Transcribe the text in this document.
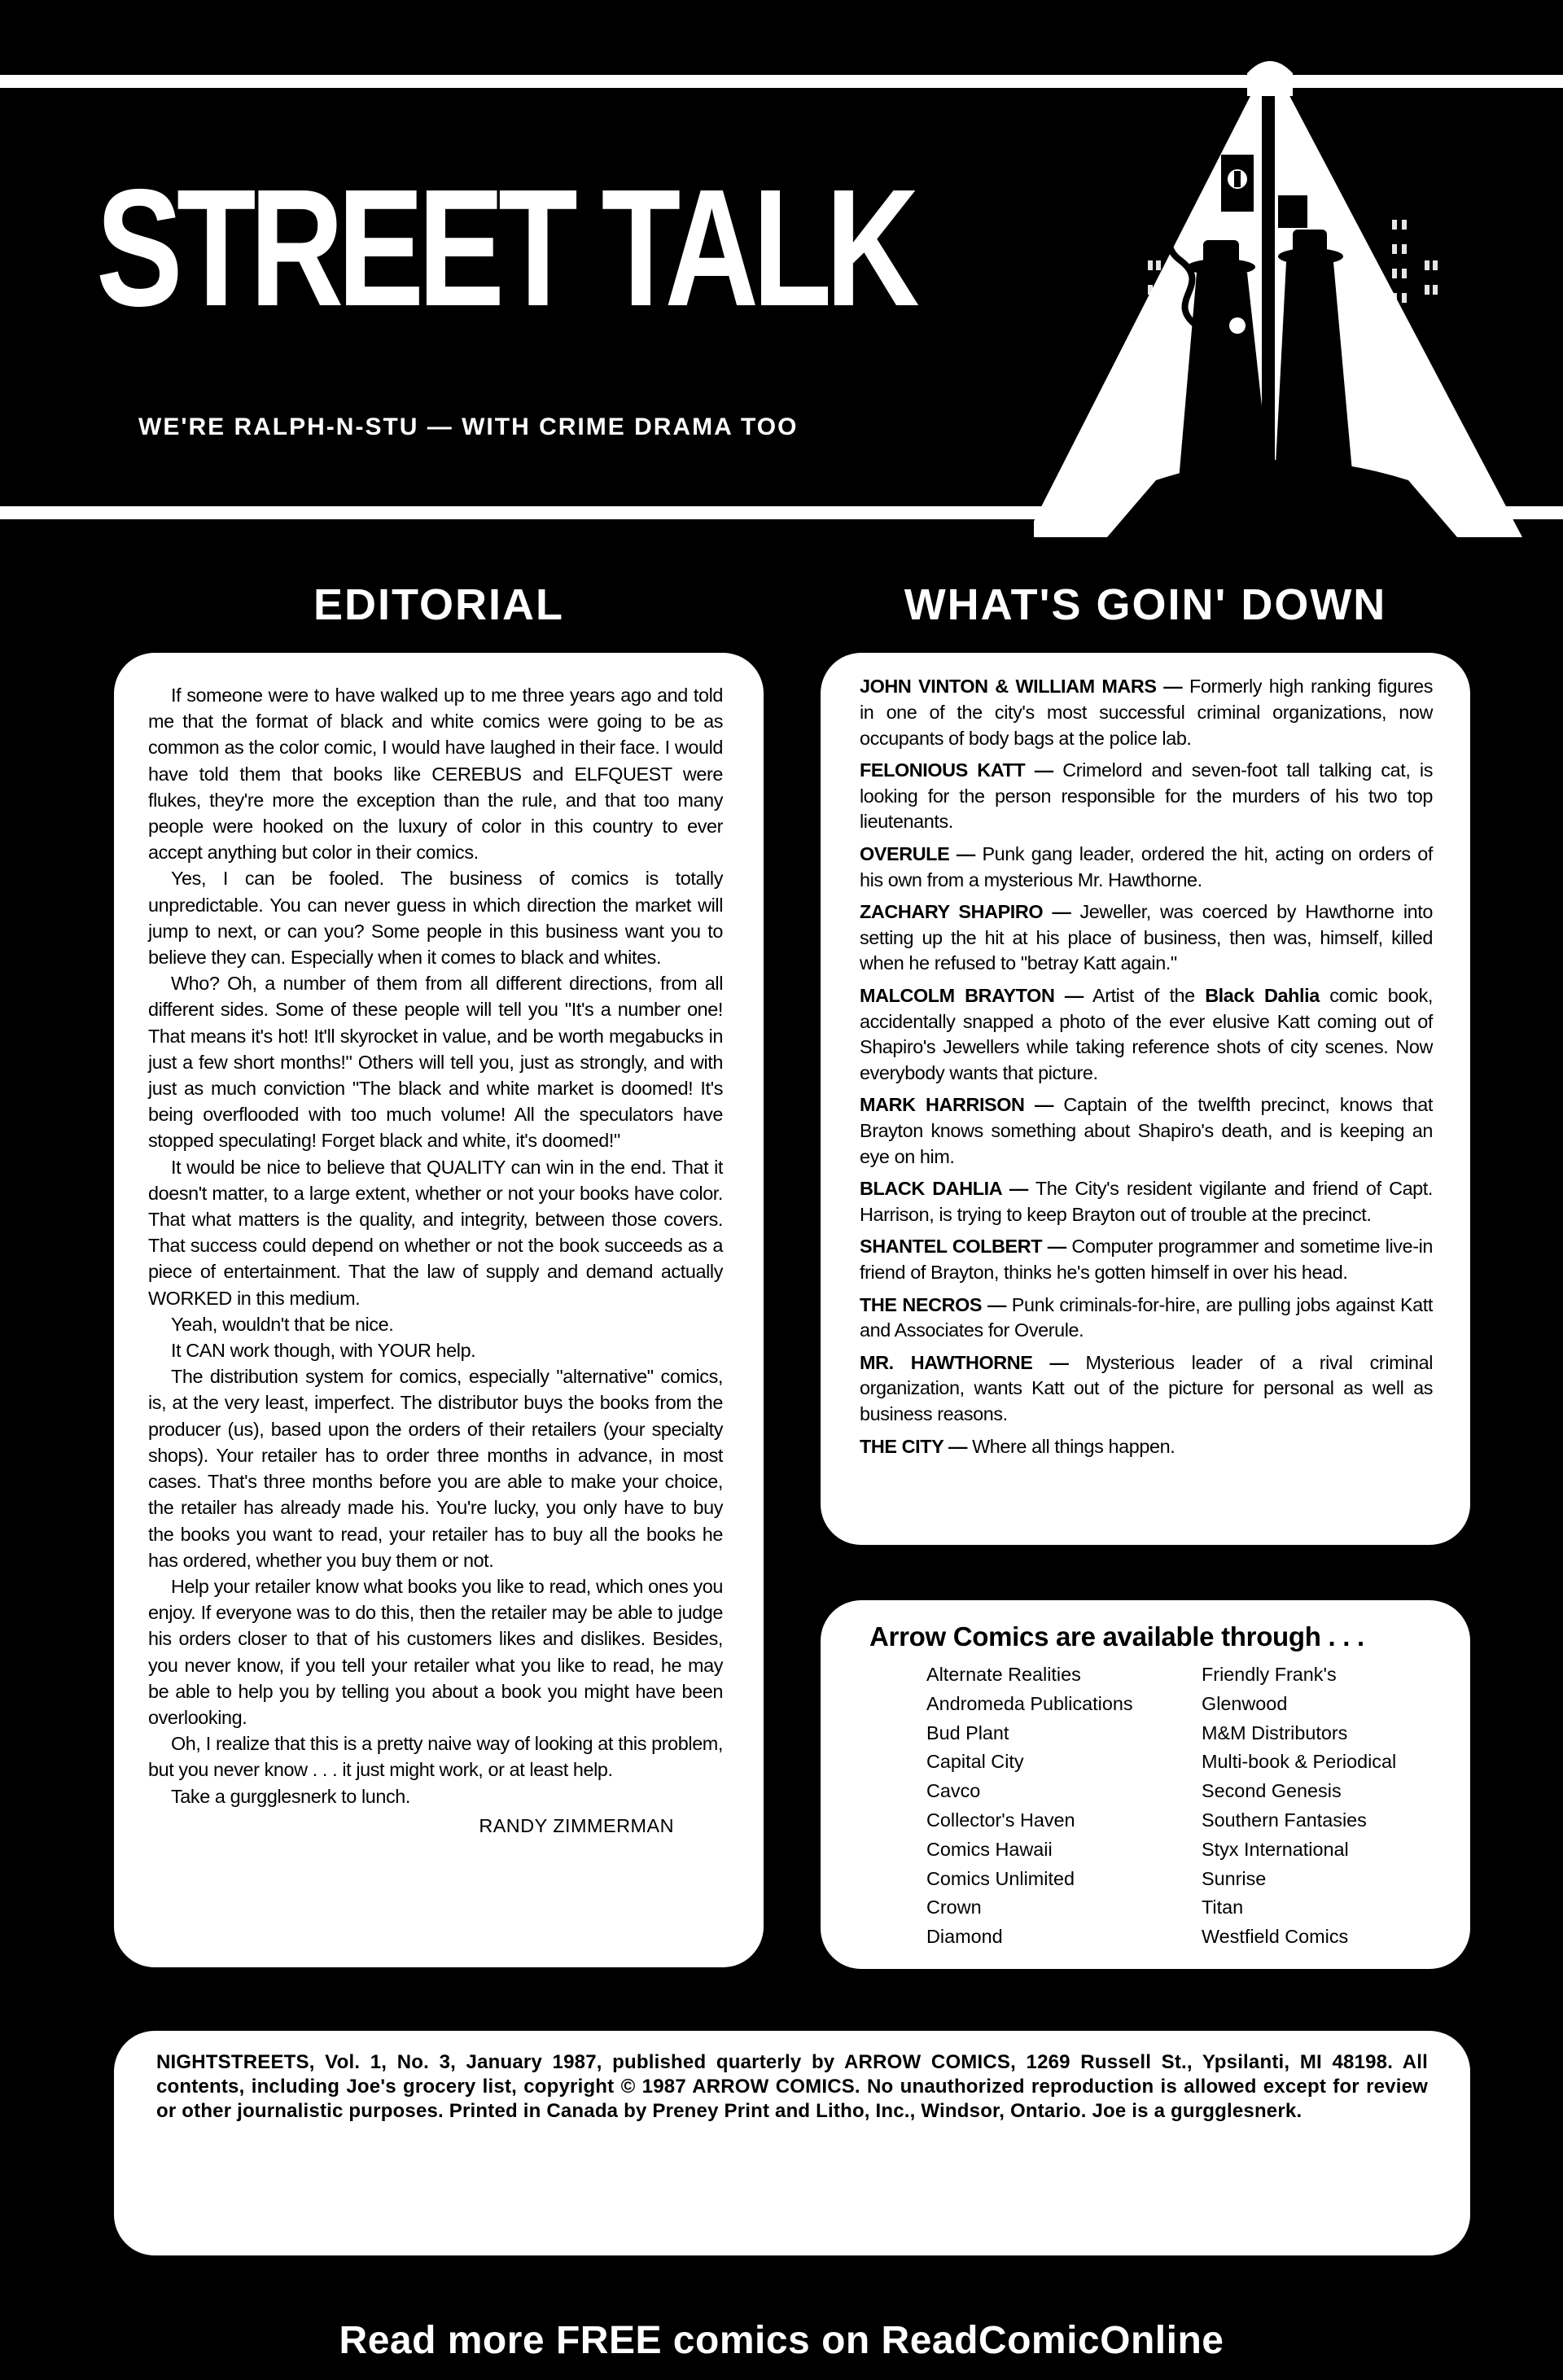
STREET TALK
WE'RE RALPH-N-STU — WITH CRIME DRAMA TOO
EDITORIAL	WHAT'S GOIN' DOWN

If someone were to have walked up to me three years ago and told me that the format of black and white comics were going to be as common as the color comic, I would have laughed in their face. I would have told them that books like CEREBUS and ELFQUEST were flukes, they're more the exception than the rule, and that too many people were hooked on the luxury of color in this country to ever accept anything but color in their comics.

Yes, I can be fooled. The business of comics is totally unpredictable. You can never guess in which direction the market will jump to next, or can you? Some people in this business want you to believe they can. Especially when it comes to black and whites.

Who? Oh, a number of them from all different directions, from all different sides. Some of these people will tell you "It's a number one! That means it's hot! It'll skyrocket in value, and be worth megabucks in just a few short months!" Others will tell you, just as strongly, and with just as much conviction "The black and white market is doomed! It's being overflooded with too much volume! All the speculators have stopped speculating! Forget black and white, it's doomed!"

It would be nice to believe that QUALITY can win in the end. That it doesn't matter, to a large extent, whether or not your books have color. That what matters is the quality, and integrity, between those covers. That success could depend on whether or not the book succeeds as a piece of entertainment. That the law of supply and demand actually WORKED in this medium.

Yeah, wouldn't that be nice.

It CAN work though, with YOUR help.

The distribution system for comics, especially "alternative" comics, is, at the very least, imperfect. The distributor buys the books from the producer (us), based upon the orders of their retailers (your specialty shops). Your retailer has to order three months in advance, in most cases. That's three months before you are able to make your choice, the retailer has already made his. You're lucky, you only have to buy the books you want to read, your retailer has to buy all the books he has ordered, whether you buy them or not.

Help your retailer know what books you like to read, which ones you enjoy. If everyone was to do this, then the retailer may be able to judge his orders closer to that of his customers likes and dislikes. Besides, you never know, if you tell your retailer what you like to read, he may be able to help you by telling you about a book you might have been overlooking.

Oh, I realize that this is a pretty naive way of looking at this problem, but you never know . . . it just might work, or at least help.

Take a gurgglesnerk to lunch.

RANDY ZIMMERMAN

JOHN VINTON & WILLIAM MARS — Formerly high ranking figures in one of the city's most successful criminal organizations, now occupants of body bags at the police lab.

FELONIOUS KATT — Crimelord and seven-foot tall talking cat, is looking for the person responsible for the murders of his two top lieutenants.

OVERULE — Punk gang leader, ordered the hit, acting on orders of his own from a mysterious Mr. Hawthorne.

ZACHARY SHAPIRO — Jeweller, was coerced by Hawthorne into setting up the hit at his place of business, then was, himself, killed when he refused to "betray Katt again."

MALCOLM BRAYTON — Artist of the Black Dahlia comic book, accidentally snapped a photo of the ever elusive Katt coming out of Shapiro's Jewellers while taking reference shots of city scenes. Now everybody wants that picture.

MARK HARRISON — Captain of the twelfth precinct, knows that Brayton knows something about Shapiro's death, and is keeping an eye on him.

BLACK DAHLIA — The City's resident vigilante and friend of Capt. Harrison, is trying to keep Brayton out of trouble at the precinct.

SHANTEL COLBERT — Computer programmer and sometime live-in friend of Brayton, thinks he's gotten himself in over his head.

THE NECROS — Punk criminals-for-hire, are pulling jobs against Katt and Associates for Overule.

MR. HAWTHORNE — Mysterious leader of a rival criminal organization, wants Katt out of the picture for personal as well as business reasons.

THE CITY — Where all things happen.

Arrow Comics are available through . . .
Alternate Realities
Andromeda Publications
Bud Plant
Capital City
Cavco
Collector's Haven
Comics Hawaii
Comics Unlimited
Crown
Diamond
Friendly Frank's
Glenwood
M&M Distributors
Multi-book & Periodical
Second Genesis
Southern Fantasies
Styx International
Sunrise
Titan
Westfield Comics

NIGHTSTREETS, Vol. 1, No. 3, January 1987, published quarterly by ARROW COMICS, 1269 Russell St., Ypsilanti, MI 48198. All contents, including Joe's grocery list, copyright © 1987 ARROW COMICS. No unauthorized reproduction is allowed except for review or other journalistic purposes. Printed in Canada by Preney Print and Litho, Inc., Windsor, Ontario. Joe is a gurgglesnerk.

Read more FREE comics on ReadComicOnline
